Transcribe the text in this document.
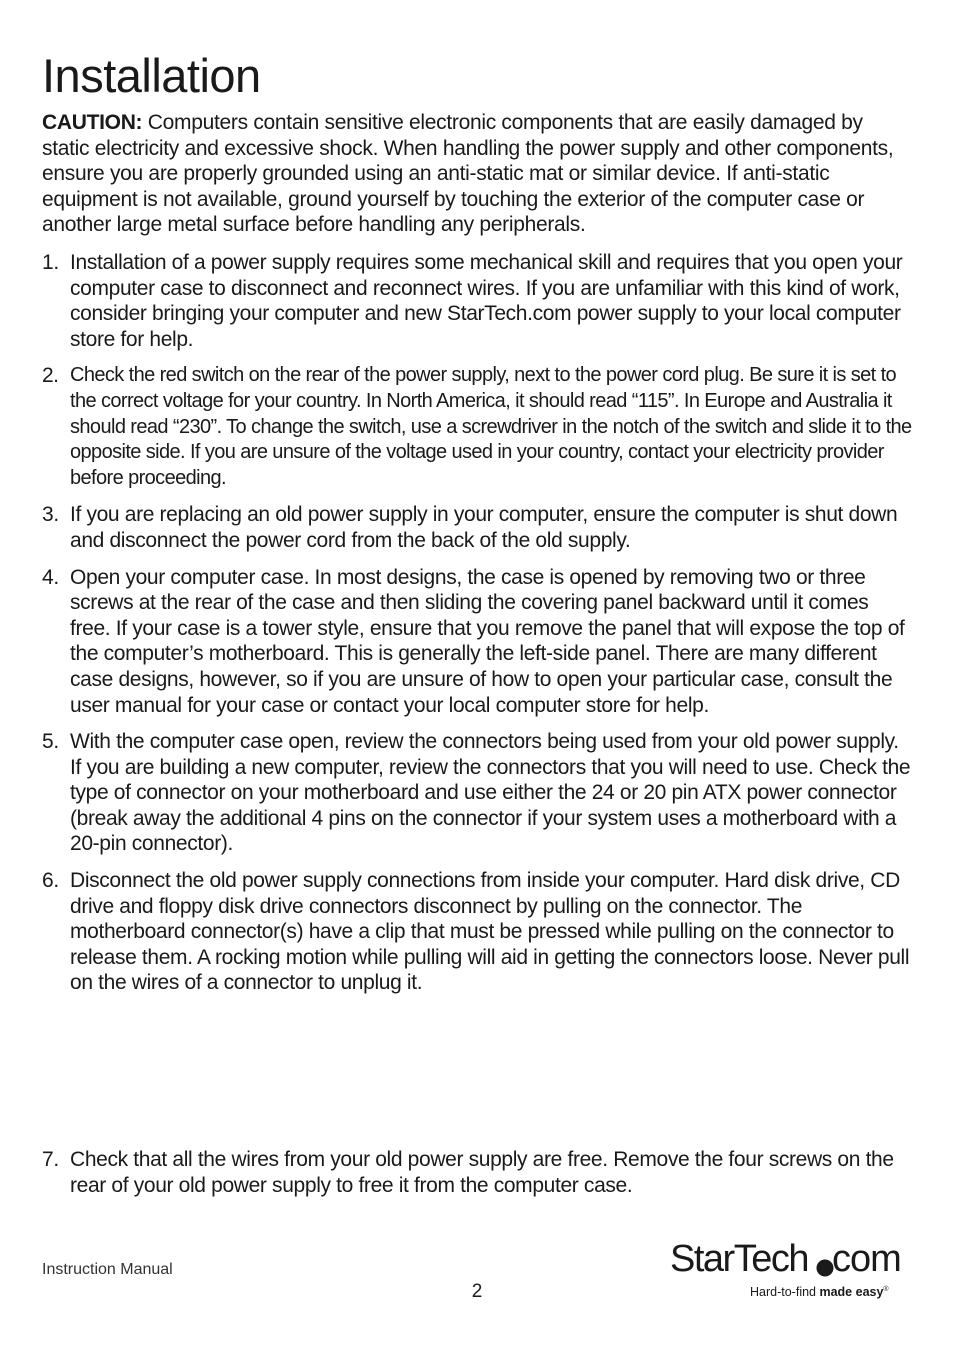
Installation

CAUTION: Computers contain sensitive electronic components that are easily damaged by static electricity and excessive shock. When handling the power supply and other components, ensure you are properly grounded using an anti-static mat or similar device. If anti-static equipment is not available, ground yourself by touching the exterior of the computer case or another large metal surface before handling any peripherals.

1. Installation of a power supply requires some mechanical skill and requires that you open your computer case to disconnect and reconnect wires. If you are unfamiliar with this kind of work, consider bringing your computer and new StarTech.com power supply to your local computer store for help.
2. Check the red switch on the rear of the power supply, next to the power cord plug. Be sure it is set to the correct voltage for your country. In North America, it should read “115”. In Europe and Australia it should read “230”. To change the switch, use a screwdriver in the notch of the switch and slide it to the opposite side. If you are unsure of the voltage used in your country, contact your electricity provider before proceeding.
3. If you are replacing an old power supply in your computer, ensure the computer is shut down and disconnect the power cord from the back of the old supply.
4. Open your computer case. In most designs, the case is opened by removing two or three screws at the rear of the case and then sliding the covering panel backward until it comes free. If your case is a tower style, ensure that you remove the panel that will expose the top of the computer’s motherboard. This is generally the left-side panel. There are many different case designs, however, so if you are unsure of how to open your particular case, consult the user manual for your case or contact your local computer store for help.
5. With the computer case open, review the connectors being used from your old power supply. If you are building a new computer, review the connectors that you will need to use. Check the type of connector on your motherboard and use either the 24 or 20 pin ATX power connector (break away the additional 4 pins on the connector if your system uses a motherboard with a 20-pin connector).
6. Disconnect the old power supply connections from inside your computer. Hard disk drive, CD drive and floppy disk drive connectors disconnect by pulling on the connector. The motherboard connector(s) have a clip that must be pressed while pulling on the connector to release them. A rocking motion while pulling will aid in getting the connectors loose. Never pull on the wires of a connector to unplug it.
7. Check that all the wires from your old power supply are free. Remove the four screws on the rear of your old power supply to free it from the computer case.
Instruction Manual
2
StarTech com
Hard-to-find made easy®
